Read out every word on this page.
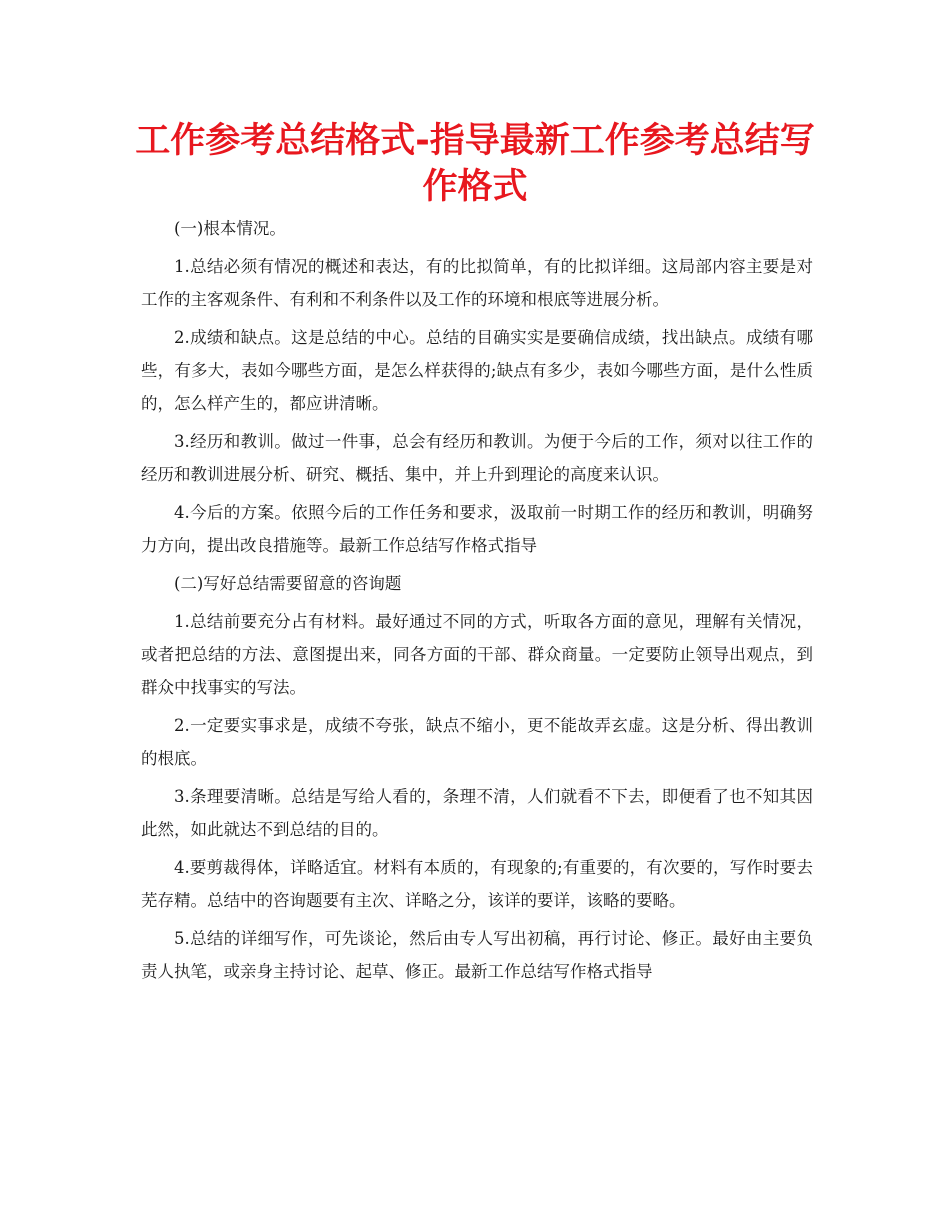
工作参考总结格式-指导最新工作参考总结写作格式

(一)根本情况。

1.总结必须有情况的概述和表达，有的比拟简单，有的比拟详细。这局部内容主要是对工作的主客观条件、有利和不利条件以及工作的环境和根底等进展分析。

2.成绩和缺点。这是总结的中心。总结的目确实实是要确信成绩，找出缺点。成绩有哪些，有多大，表如今哪些方面，是怎么样获得的;缺点有多少，表如今哪些方面，是什么性质的，怎么样产生的，都应讲清晰。

3.经历和教训。做过一件事，总会有经历和教训。为便于今后的工作，须对以往工作的经历和教训进展分析、研究、概括、集中，并上升到理论的高度来认识。

4.今后的方案。依照今后的工作任务和要求，汲取前一时期工作的经历和教训，明确努力方向，提出改良措施等。最新工作总结写作格式指导

(二)写好总结需要留意的咨询题

1.总结前要充分占有材料。最好通过不同的方式，听取各方面的意见，理解有关情况，或者把总结的方法、意图提出来，同各方面的干部、群众商量。一定要防止领导出观点，到群众中找事实的写法。

2.一定要实事求是，成绩不夸张，缺点不缩小，更不能故弄玄虚。这是分析、得出教训的根底。

3.条理要清晰。总结是写给人看的，条理不清，人们就看不下去，即便看了也不知其因此然，如此就达不到总结的目的。

4.要剪裁得体，详略适宜。材料有本质的，有现象的;有重要的，有次要的，写作时要去芜存精。总结中的咨询题要有主次、详略之分，该详的要详，该略的要略。

5.总结的详细写作，可先谈论，然后由专人写出初稿，再行讨论、修正。最好由主要负责人执笔，或亲身主持讨论、起草、修正。最新工作总结写作格式指导
